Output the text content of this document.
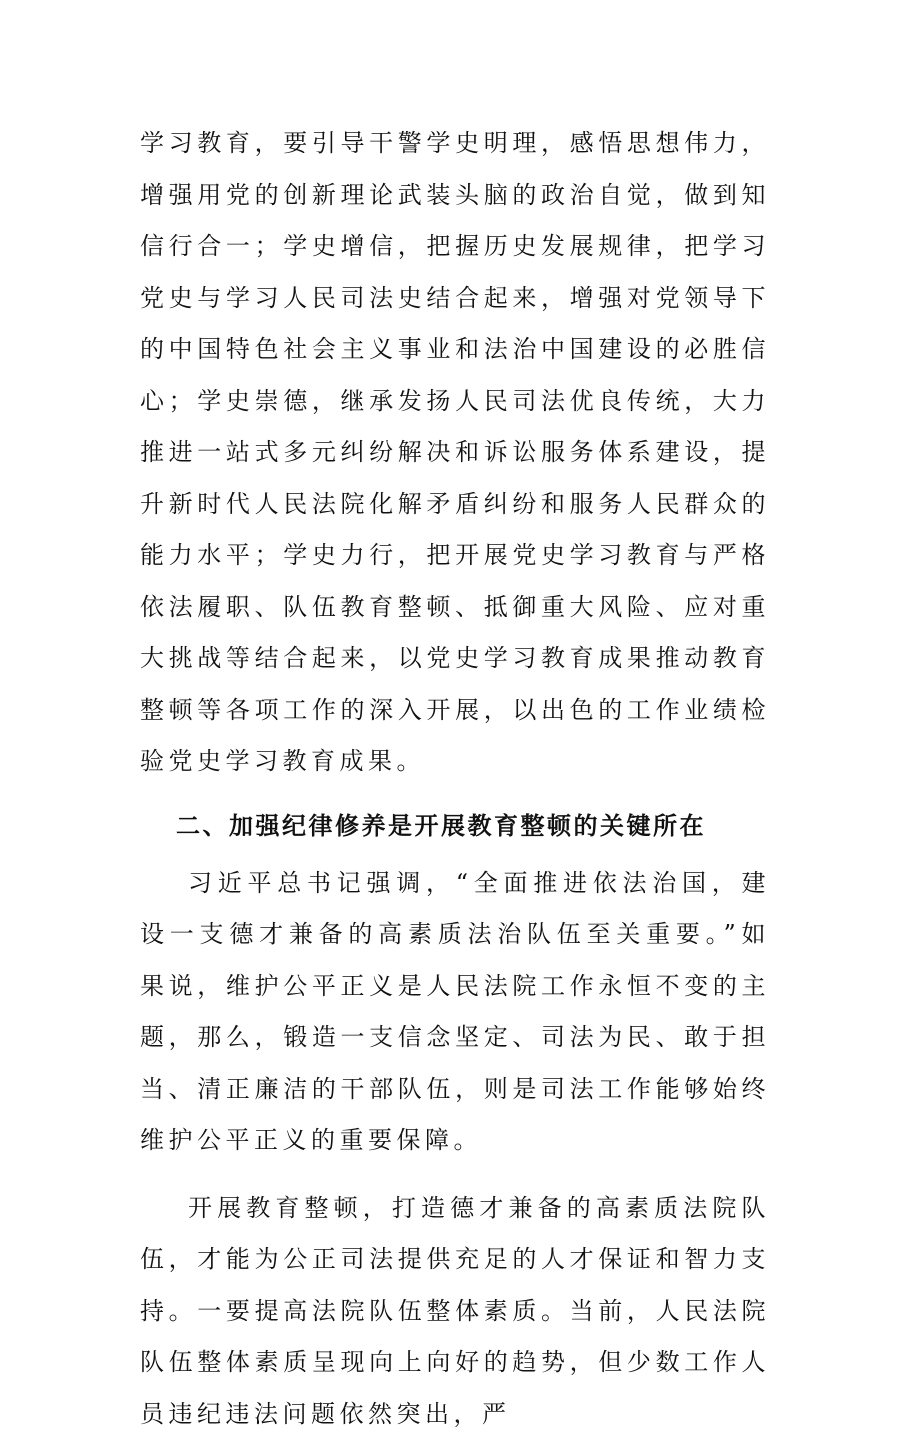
学习教育，要引导干警学史明理，感悟思想伟力，增强用党的创新理论武装头脑的政治自觉，做到知信行合一；学史增信，把握历史发展规律，把学习党史与学习人民司法史结合起来，增强对党领导下的中国特色社会主义事业和法治中国建设的必胜信心；学史崇德，继承发扬人民司法优良传统，大力推进一站式多元纠纷解决和诉讼服务体系建设，提升新时代人民法院化解矛盾纠纷和服务人民群众的能力水平；学史力行，把开展党史学习教育与严格依法履职、队伍教育整顿、抵御重大风险、应对重大挑战等结合起来，以党史学习教育成果推动教育整顿等各项工作的深入开展，以出色的工作业绩检验党史学习教育成果。

二、加强纪律修养是开展教育整顿的关键所在

习近平总书记强调，“全面推进依法治国，建设一支德才兼备的高素质法治队伍至关重要。”如果说，维护公平正义是人民法院工作永恒不变的主题，那么，锻造一支信念坚定、司法为民、敢于担当、清正廉洁的干部队伍，则是司法工作能够始终维护公平正义的重要保障。

开展教育整顿，打造德才兼备的高素质法院队伍，才能为公正司法提供充足的人才保证和智力支持。一要提高法院队伍整体素质。当前，人民法院队伍整体素质呈现向上向好的趋势，但少数工作人员违纪违法问题依然突出，严
